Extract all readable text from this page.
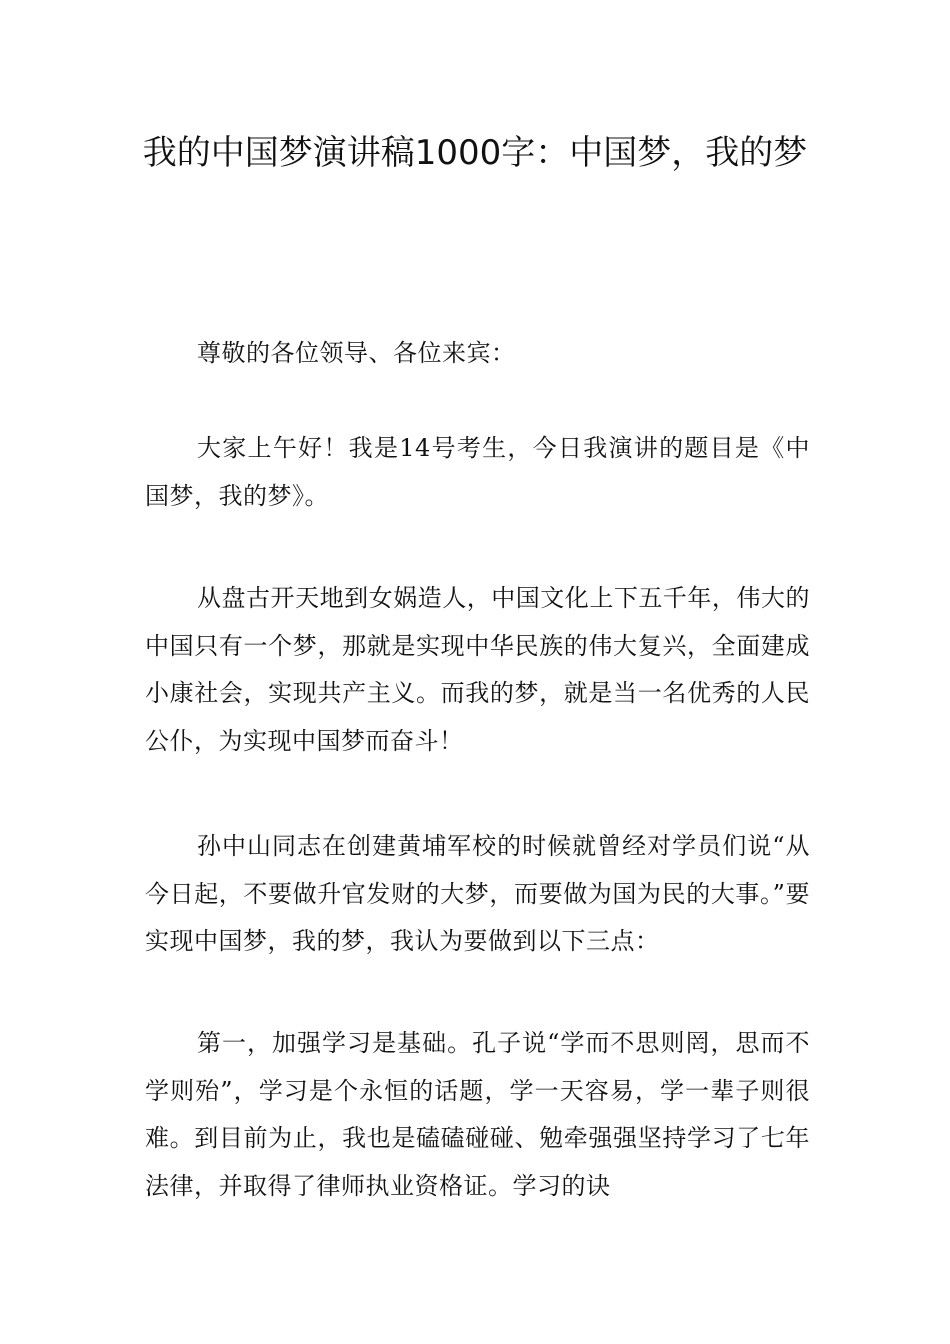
我的中国梦演讲稿1000字：中国梦，我的梦

尊敬的各位领导、各位来宾：

大家上午好！我是14号考生，今日我演讲的题目是《中国梦，我的梦》。

从盘古开天地到女娲造人，中国文化上下五千年，伟大的中国只有一个梦，那就是实现中华民族的伟大复兴，全面建成小康社会，实现共产主义。而我的梦，就是当一名优秀的人民公仆，为实现中国梦而奋斗！

孙中山同志在创建黄埔军校的时候就曾经对学员们说“从今日起，不要做升官发财的大梦，而要做为国为民的大事。”要实现中国梦，我的梦，我认为要做到以下三点：

第一，加强学习是基础。孔子说“学而不思则罔，思而不学则殆”，学习是个永恒的话题，学一天容易，学一辈子则很难。到目前为止，我也是磕磕碰碰、勉牵强强坚持学习了七年法律，并取得了律师执业资格证。学习的诀
